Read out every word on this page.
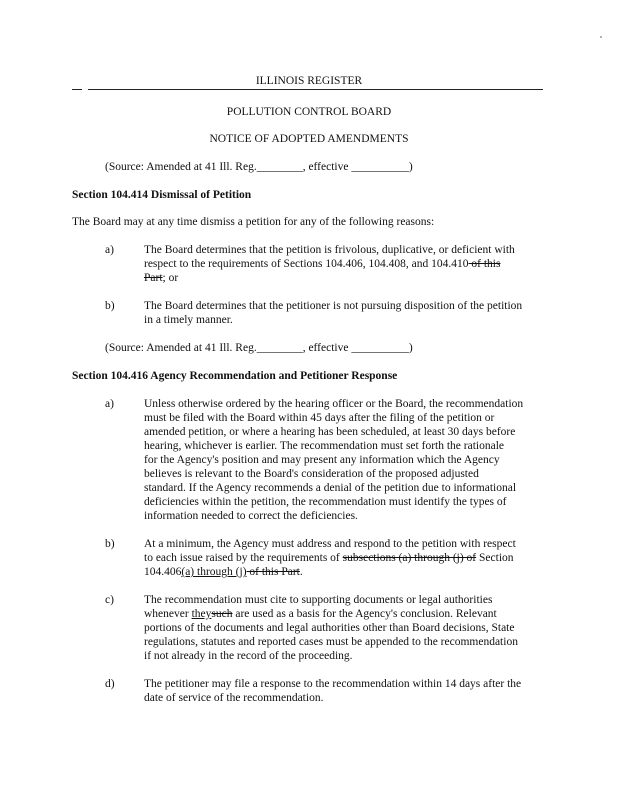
ILLINOIS REGISTER
POLLUTION CONTROL BOARD
NOTICE OF ADOPTED AMENDMENTS
(Source: Amended at 41 Ill. Reg.________, effective __________)
Section 104.414 Dismissal of Petition
The Board may at any time dismiss a petition for any of the following reasons:
a)	The Board determines that the petition is frivolous, duplicative, or deficient with
respect to the requirements of Sections 104.406, 104.408, and 104.410 of this
Part; or
b)	The Board determines that the petitioner is not pursuing disposition of the petition
in a timely manner.
(Source: Amended at 41 Ill. Reg.________, effective __________)
Section 104.416 Agency Recommendation and Petitioner Response
a)	Unless otherwise ordered by the hearing officer or the Board, the recommendation
must be filed with the Board within 45 days after the filing of the petition or
amended petition, or where a hearing has been scheduled, at least 30 days before
hearing, whichever is earlier. The recommendation must set forth the rationale
for the Agency's position and may present any information which the Agency
believes is relevant to the Board's consideration of the proposed adjusted
standard. If the Agency recommends a denial of the petition due to informational
deficiencies within the petition, the recommendation must identify the types of
information needed to correct the deficiencies.
b)	At a minimum, the Agency must address and respond to the petition with respect
to each issue raised by the requirements of subsections (a) through (j) of Section
104.406(a) through (j) of this Part.
c)	The recommendation must cite to supporting documents or legal authorities
whenever theysuch are used as a basis for the Agency's conclusion. Relevant
portions of the documents and legal authorities other than Board decisions, State
regulations, statutes and reported cases must be appended to the recommendation
if not already in the record of the proceeding.
d)	The petitioner may file a response to the recommendation within 14 days after the
date of service of the recommendation.
